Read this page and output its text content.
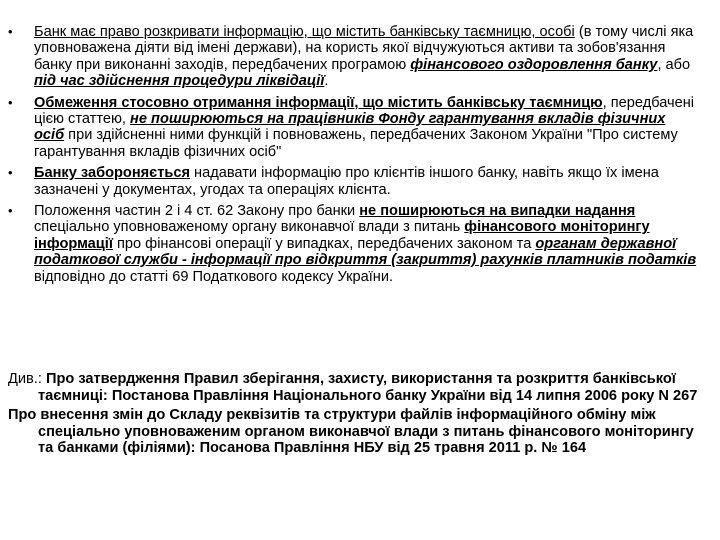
• Банк має право розкривати інформацію, що містить банківську таємницю, особі (в тому числі яка уповноважена діяти від імені держави), на користь якої відчужуються активи та зобов'язання банку при виконанні заходів, передбачених програмою фінансового оздоровлення банку, або під час здійснення процедури ліквідації.
• Обмеження стосовно отримання інформації, що містить банківську таємницю, передбачені цією статтею, не поширюються на працівників Фонду гарантування вкладів фізичних осіб при здійсненні ними функцій і повноважень, передбачених Законом України "Про систему гарантування вкладів фізичних осіб"
• Банку забороняється надавати інформацію про клієнтів іншого банку, навіть якщо їх імена зазначені у документах, угодах та операціях клієнта.
• Положення частин 2 і 4 ст. 62 Закону про банки не поширюються на випадки надання спеціально уповноваженому органу виконавчої влади з питань фінансового моніторингу інформації про фінансові операції у випадках, передбачених законом та органам державної податкової служби - інформації про відкриття (закриття) рахунків платників податків відповідно до статті 69 Податкового кодексу України.

Див.: Про затвердження Правил зберігання, захисту, використання та розкриття банківської таємниці: Постанова Правління Національного банку України від 14 липня 2006 року N 267

Про внесення змін до Складу реквізитів та структури файлів інформаційного обміну між спеціально уповноваженим органом виконавчої влади з питань фінансового моніторингу та банками (філіями): Посанова Правління НБУ від 25 травня 2011 р. № 164
